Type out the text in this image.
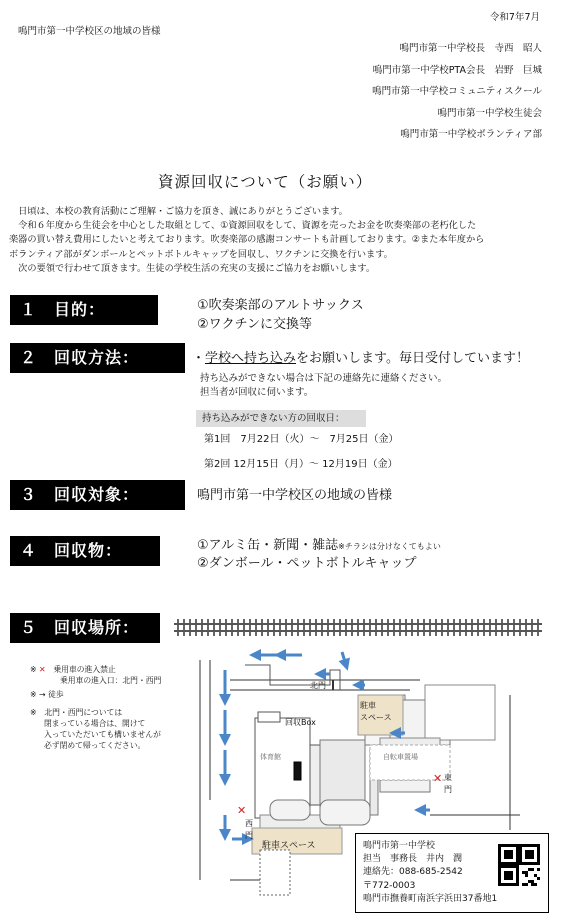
令和7年7月
鳴門市第一中学校区の地域の皆様
鳴門市第一中学校長　寺西　昭人
鳴門市第一中学校PTA会長　岩野　巨城
鳴門市第一中学校コミュニティスクール
鳴門市第一中学校生徒会
鳴門市第一中学校ボランティア部
資源回収について（お願い）
　日頃は、本校の教育活動にご理解・ご協力を頂き、誠にありがとうございます。
　令和６年度から生徒会を中心とした取組として、①資源回収をして、資源を売ったお金を吹奏楽部の老朽化した
楽器の買い替え費用にしたいと考えております。吹奏楽部の感謝コンサートも計画しております。②また本年度から
ボランティア部がダンボールとペットボトルキャップを回収し、ワクチンに交換を行います。
　次の要領で行わせて頂きます。生徒の学校生活の充実の支援にご協力をお願いします。
１　目的：	①吹奏楽部のアルトサックス
②ワクチンに交換等
２　回収方法：	・学校へ持ち込みをお願いします。毎日受付しています！
持ち込みができない場合は下記の連絡先に連絡ください。
担当者が回収に伺います。
持ち込みができない方の回収日：
第1回　7月22日（火）～　7月25日（金）
第2回 12月15日（月）～ 12月19日（金）
３　回収対象：	鳴門市第一中学校区の地域の皆様
４　回収物：	①アルミ缶・新聞・雑誌※チラシは分けなくてもよい
②ダンボール・ペットボトルキャップ
５　回収場所：
※ ✕　 乗用車の進入禁止
乗用車の進入口：北門・西門
※ → 徒歩
※　 北門・西門については
閉まっている場合は、開けて
入っていただいても構いませんが
必ず閉めて帰ってください。
✕
✕
北門
回収Box
駐車
スペース
体育館	自転車置場
東
門
西
門
駐車スペース	鳴門市第一中学校
担当　事務長　井内　潤
連絡先：088-685-2542
〒772-0003
鳴門市撫養町南浜字浜田37番地1
